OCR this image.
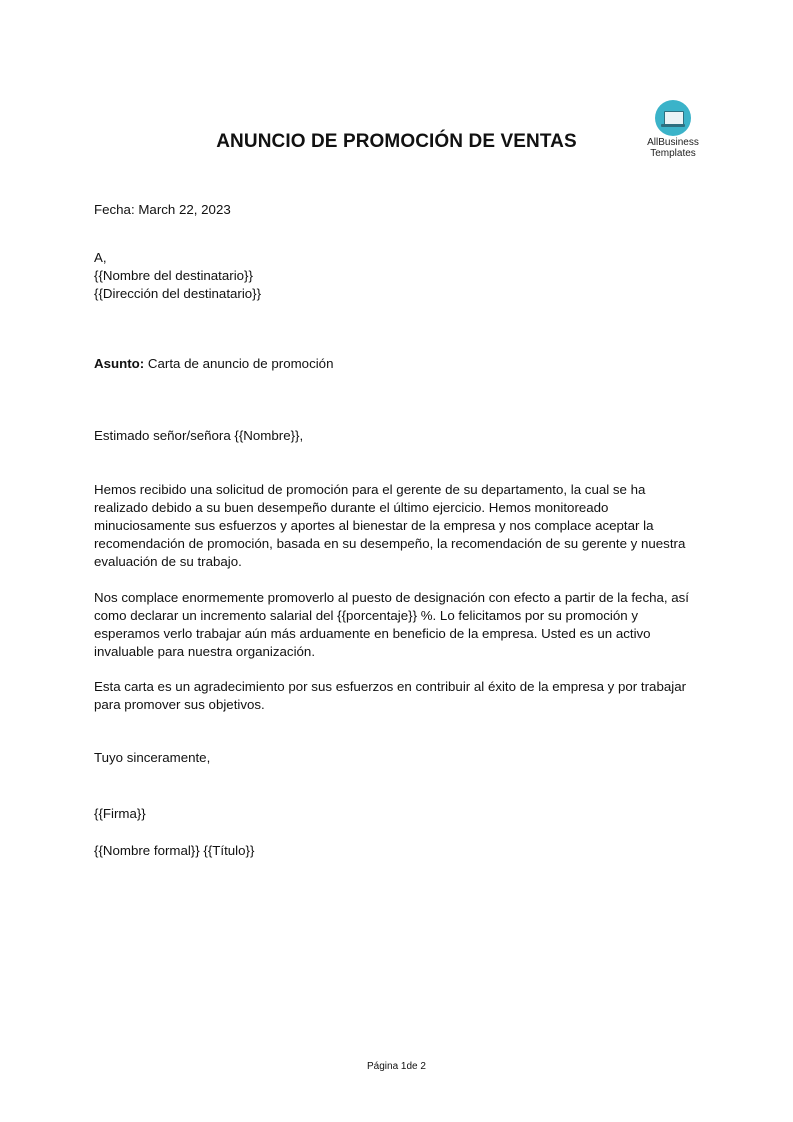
ANUNCIO DE PROMOCIÓN DE VENTAS	AllBusiness
Templates
Fecha: March 22, 2023
A,
{{Nombre del destinatario}}
{{Dirección del destinatario}}
Asunto: Carta de anuncio de promoción
Estimado señor/señora {{Nombre}},
Hemos recibido una solicitud de promoción para el gerente de su departamento, la cual se ha
realizado debido a su buen desempeño durante el último ejercicio. Hemos monitoreado
minuciosamente sus esfuerzos y aportes al bienestar de la empresa y nos complace aceptar la
recomendación de promoción, basada en su desempeño, la recomendación de su gerente y nuestra
evaluación de su trabajo.
Nos complace enormemente promoverlo al puesto de designación con efecto a partir de la fecha, así
como declarar un incremento salarial del {{porcentaje}} %. Lo felicitamos por su promoción y
esperamos verlo trabajar aún más arduamente en beneficio de la empresa. Usted es un activo
invaluable para nuestra organización.
Esta carta es un agradecimiento por sus esfuerzos en contribuir al éxito de la empresa y por trabajar
para promover sus objetivos.
Tuyo sinceramente,
{{Firma}}
{{Nombre formal}} {{Título}}
Página 1de 2
